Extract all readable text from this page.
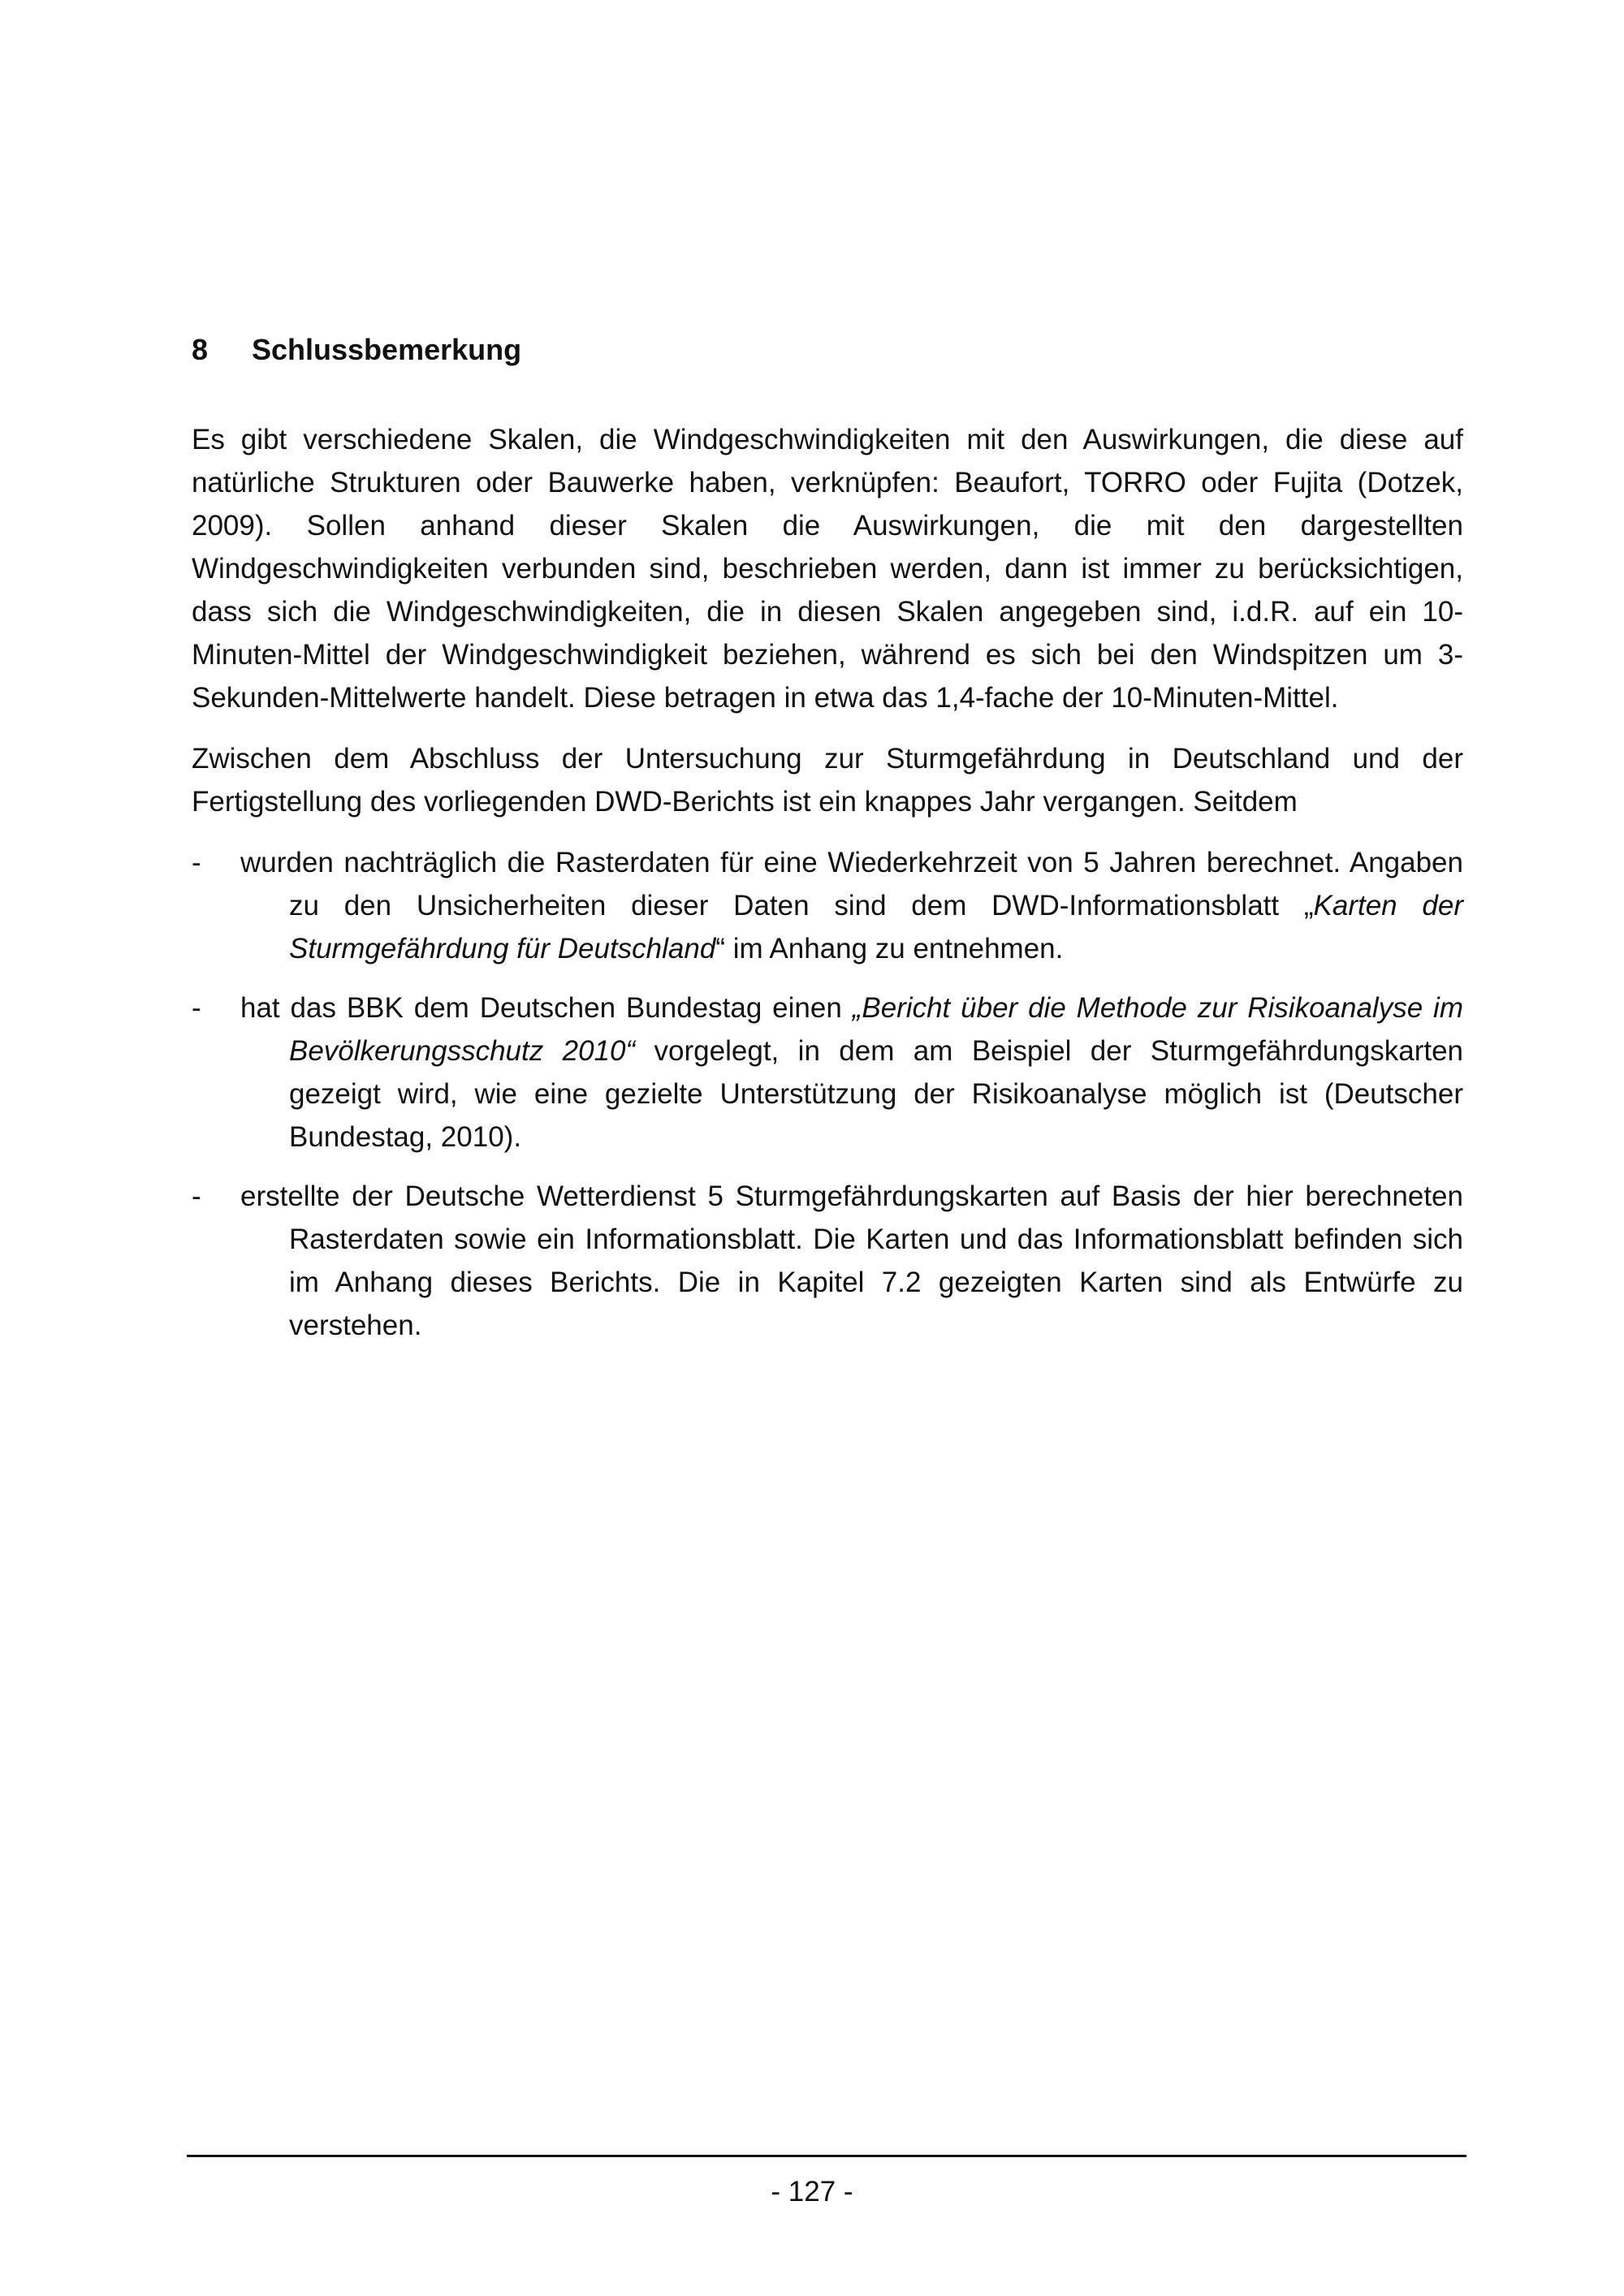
8	Schlussbemerkung

Es gibt verschiedene Skalen, die Windgeschwindigkeiten mit den Auswirkungen, die diese auf natürliche Strukturen oder Bauwerke haben, verknüpfen: Beaufort, TORRO oder Fujita (Dotzek, 2009). Sollen anhand dieser Skalen die Auswirkungen, die mit den dargestellten Windgeschwindigkeiten verbunden sind, beschrieben werden, dann ist immer zu berücksichtigen, dass sich die Windgeschwindigkeiten, die in diesen Skalen angegeben sind, i.d.R. auf ein 10-Minuten-Mittel der Windgeschwindigkeit beziehen, während es sich bei den Windspitzen um 3-Sekunden-Mittelwerte handelt. Diese betragen in etwa das 1,4-fache der 10-Minuten-Mittel.

Zwischen dem Abschluss der Untersuchung zur Sturmgefährdung in Deutschland und der Fertigstellung des vorliegenden DWD-Berichts ist ein knappes Jahr vergangen. Seitdem

- wurden nachträglich die Rasterdaten für eine Wiederkehrzeit von 5 Jahren berechnet. Angaben zu den Unsicherheiten dieser Daten sind dem DWD-Informationsblatt „Karten der Sturmgefährdung für Deutschland“ im Anhang zu entnehmen.
- hat das BBK dem Deutschen Bundestag einen „Bericht über die Methode zur Risikoanalyse im Bevölkerungsschutz 2010“ vorgelegt, in dem am Beispiel der Sturmgefährdungskarten gezeigt wird, wie eine gezielte Unterstützung der Risikoanalyse möglich ist (Deutscher Bundestag, 2010).
- erstellte der Deutsche Wetterdienst 5 Sturmgefährdungskarten auf Basis der hier berechneten Rasterdaten sowie ein Informationsblatt. Die Karten und das Informationsblatt befinden sich im Anhang dieses Berichts. Die in Kapitel 7.2 gezeigten Karten sind als Entwürfe zu verstehen.
- 127 -
